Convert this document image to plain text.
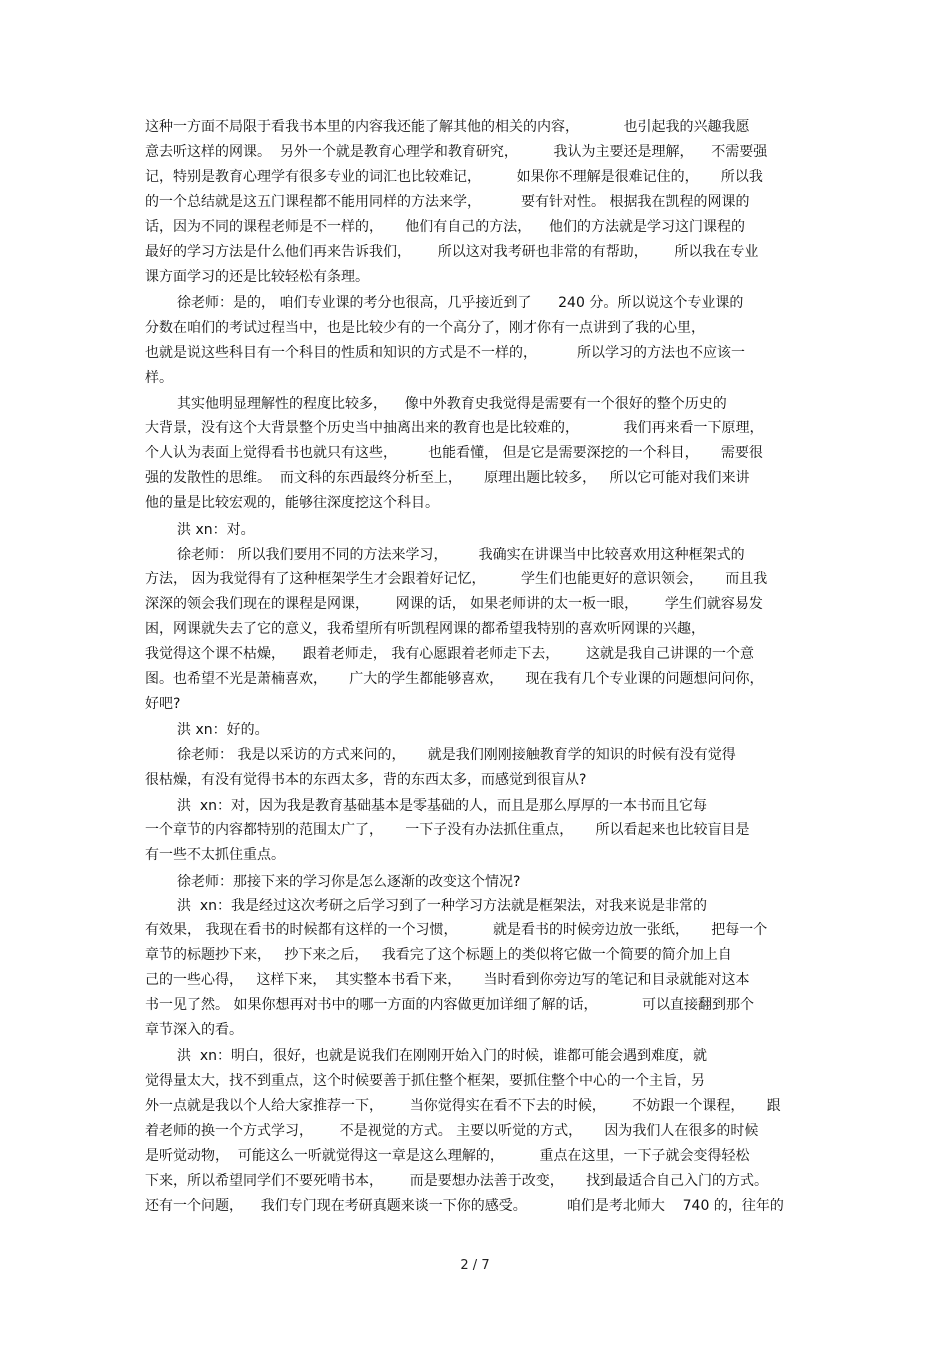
这种一方面不局限于看我书本里的内容我还能了解其他的相关的内容，          也引起我的兴趣我愿
意去听这样的网课。  另外一个就是教育心理学和教育研究，        我认为主要还是理解，    不需要强
记，特别是教育心理学有很多专业的词汇也比较难记，        如果你不理解是很难记住的，     所以我
的一个总结就是这五门课程都不能用同样的方法来学，         要有针对性。 根据我在凯程的网课的
话，因为不同的课程老师是不一样的，     他们有自己的方法，    他们的方法就是学习这门课程的
最好的学习方法是什么他们再来告诉我们，      所以这对我考研也非常的有帮助，      所以我在专业
课方面学习的还是比较轻松有条理。
徐老师：是的， 咱们专业课的考分也很高，几乎接近到了      240 分。所以说这个专业课的
分数在咱们的考试过程当中，也是比较少有的一个高分了，刚才你有一点讲到了我的心里，
也就是说这些科目有一个科目的性质和知识的方式是不一样的，         所以学习的方法也不应该一
样。
其实他明显理解性的程度比较多，    像中外教育史我觉得是需要有一个很好的整个历史的
大背景，没有这个大背景整个历史当中抽离出来的教育也是比较难的，          我们再来看一下原理，
个人认为表面上觉得看书也就只有这些，       也能看懂， 但是它是需要深挖的一个科目，     需要很
强的发散性的思维。  而文科的东西最终分析至上，     原理出题比较多，   所以它可能对我们来讲
他的量是比较宏观的，能够往深度挖这个科目。
洪 xn：对。
徐老师： 所以我们要用不同的方法来学习，       我确实在讲课当中比较喜欢用这种框架式的
方法， 因为我觉得有了这种框架学生才会跟着好记忆，        学生们也能更好的意识领会，     而且我
深深的领会我们现在的课程是网课，      网课的话， 如果老师讲的太一板一眼，      学生们就容易发
困，网课就失去了它的意义，我希望所有听凯程网课的都希望我特别的喜欢听网课的兴趣，
我觉得这个课不枯燥，    跟着老师走， 我有心愿跟着老师走下去，      这就是我自己讲课的一个意
图。也希望不光是萧楠喜欢，     广大的学生都能够喜欢，     现在我有几个专业课的问题想问问你，
好吧?
洪 xn：好的。
徐老师： 我是以采访的方式来问的，     就是我们刚刚接触教育学的知识的时候有没有觉得
很枯燥，有没有觉得书本的东西太多，背的东西太多，而感觉到很盲从?
洪  xn：对，因为我是教育基础基本是零基础的人，而且是那么厚厚的一本书而且它每
一个章节的内容都特别的范围太广了，     一下子没有办法抓住重点，     所以看起来也比较盲目是
有一些不太抓住重点。
徐老师：那接下来的学习你是怎么逐渐的改变这个情况?
洪  xn：我是经过这次考研之后学习到了一种学习方法就是框架法，对我来说是非常的
有效果， 我现在看书的时候都有这样的一个习惯，        就是看书的时候旁边放一张纸，     把每一个
章节的标题抄下来，   抄下来之后，   我看完了这个标题上的类似将它做一个简要的简介加上自
己的一些心得，   这样下来，  其实整本书看下来，     当时看到你旁边写的笔记和目录就能对这本
书一见了然。 如果你想再对书中的哪一方面的内容做更加详细了解的话，          可以直接翻到那个
章节深入的看。
洪  xn：明白，很好，也就是说我们在刚刚开始入门的时候，谁都可能会遇到难度，就
觉得量太大，找不到重点，这个时候要善于抓住整个框架，要抓住整个中心的一个主旨，另
外一点就是我以个人给大家推荐一下，      当你觉得实在看不下去的时候，      不妨跟一个课程，     跟
着老师的换一个方式学习，      不是视觉的方式。 主要以听觉的方式，     因为我们人在很多的时候
是听觉动物，  可能这么一听就觉得这一章是这么理解的，        重点在这里，一下子就会变得轻松
下来，所以希望同学们不要死啃书本，      而是要想办法善于改变，     找到最适合自己入门的方式。
还有一个问题，    我们专门现在考研真题来谈一下你的感受。         咱们是考北师大    740 的，往年的
2 / 7
